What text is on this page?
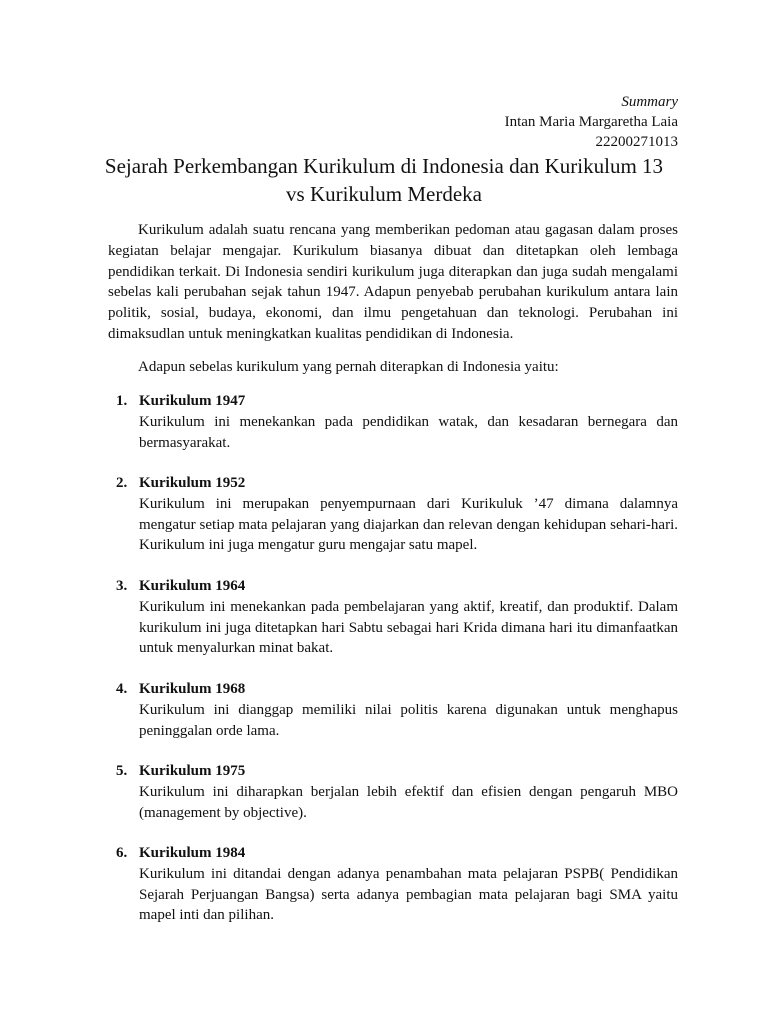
Summary
Intan Maria Margaretha Laia
22200271013
Sejarah Perkembangan Kurikulum di Indonesia dan Kurikulum 13
vs Kurikulum Merdeka
Kurikulum adalah suatu rencana yang memberikan pedoman atau gagasan dalam proses kegiatan belajar mengajar. Kurikulum biasanya dibuat dan ditetapkan oleh lembaga pendidikan terkait. Di Indonesia sendiri kurikulum juga diterapkan dan juga sudah mengalami sebelas kali perubahan sejak tahun 1947. Adapun penyebab perubahan kurikulum antara lain politik, sosial, budaya, ekonomi, dan ilmu pengetahuan dan teknologi. Perubahan ini dimaksudlan untuk meningkatkan kualitas pendidikan di Indonesia.
Adapun sebelas kurikulum yang pernah diterapkan di Indonesia yaitu:
1. Kurikulum 1947
Kurikulum ini menekankan pada pendidikan watak, dan kesadaran bernegara dan bermasyarakat.
2. Kurikulum 1952
Kurikulum ini merupakan penyempurnaan dari Kurikuluk ’47 dimana dalamnya mengatur setiap mata pelajaran yang diajarkan dan relevan dengan kehidupan sehari-hari. Kurikulum ini juga mengatur guru mengajar satu mapel.
3. Kurikulum 1964
Kurikulum ini menekankan pada pembelajaran yang aktif, kreatif, dan produktif. Dalam kurikulum ini juga ditetapkan hari Sabtu sebagai hari Krida dimana hari itu dimanfaatkan untuk menyalurkan minat bakat.
4. Kurikulum 1968
Kurikulum ini dianggap memiliki nilai politis karena digunakan untuk menghapus peninggalan orde lama.
5. Kurikulum 1975
Kurikulum ini diharapkan berjalan lebih efektif dan efisien dengan pengaruh MBO (management by objective).
6. Kurikulum 1984
Kurikulum ini ditandai dengan adanya penambahan mata pelajaran PSPB( Pendidikan Sejarah Perjuangan Bangsa) serta adanya pembagian mata pelajaran bagi SMA yaitu mapel inti dan pilihan.
